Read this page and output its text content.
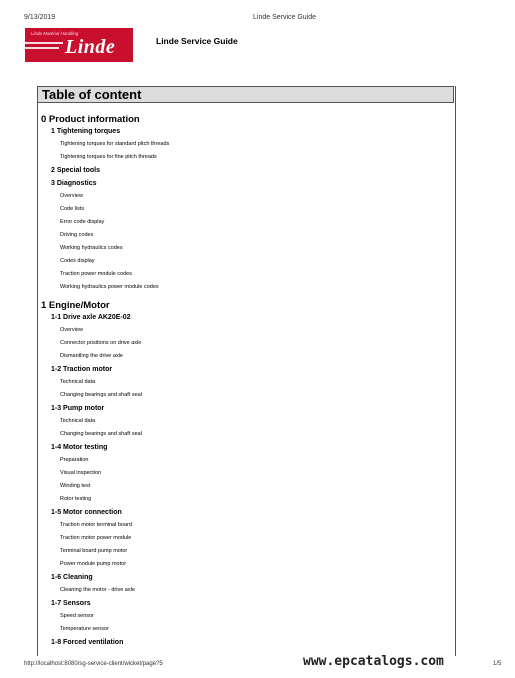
9/13/2019	Linde Service Guide
Linde Material Handling
Linde	Linde Service Guide
Table of content
0 Product information
1 Tightening torques
Tightening torques for standard pitch threads
Tightening torques for fine pitch threads
2 Special tools
3 Diagnostics
Overview
Code lists
Error code display
Driving codes
Working hydraulics codes
Codes display
Traction power module codes
Working hydraulics power module codes
1 Engine/Motor
1-1 Drive axle AK20E-02
Overview
Connector positions on drive axle
Dismantling the drive axle
1-2 Traction motor
Technical data
Changing bearings and shaft seal
1-3 Pump motor
Technical data
Changing bearings and shaft seal
1-4 Motor testing
Preparation
Visual inspection
Winding test
Rotor testing
1-5 Motor connection
Traction motor terminal board
Traction motor power module
Terminal board pump motor
Power module pump motor
1-6 Cleaning
Cleaning the motor - drive axle
1-7 Sensors
Speed sensor
Temperature sensor
1-8 Forced ventilation
http://localhost:8080/sg-service-client/wicket/page?5	www.epcatalogs.com	1/5
